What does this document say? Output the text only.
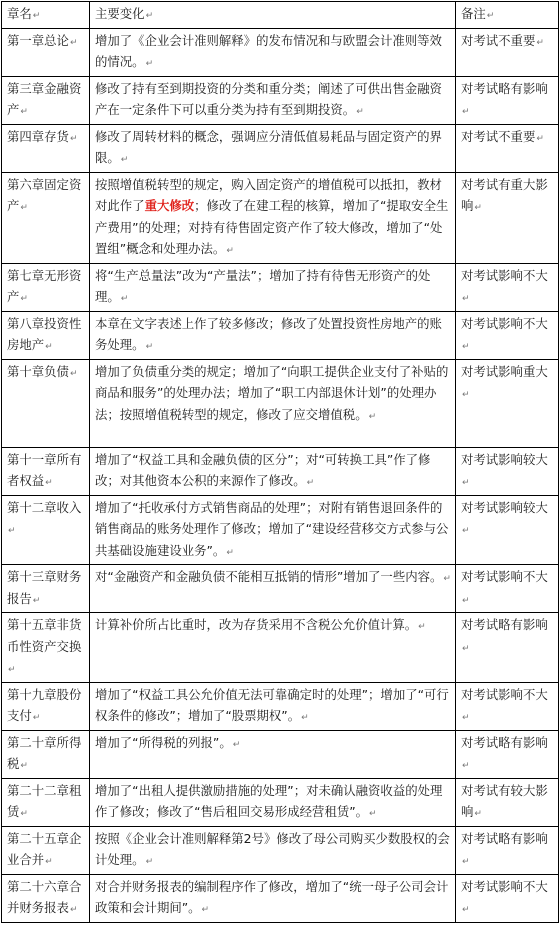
章名↵	主要变化↵	备注↵
第一章总论↵	增加了《企业会计准则解释》的发布情况和与欧盟会计准则等效的情况。↵	对考试不重要↵
第三章金融资产↵	修改了持有至到期投资的分类和重分类；阐述了可供出售金融资产在一定条件下可以重分类为持有至到期投资。↵	对考试略有影响↵
第四章存货↵	修改了周转材料的概念，强调应分清低值易耗品与固定资产的界限。↵	对考试不重要↵
第六章固定资产↵	按照增值税转型的规定，购入固定资产的增值税可以抵扣，教材对此作了重大修改；修改了在建工程的核算，增加了“提取安全生产费用”的处理；对持有待售固定资产作了较大修改，增加了“处置组”概念和处理办法。↵	对考试有重大影响↵
第七章无形资产↵	将“生产总量法”改为“产量法”；增加了持有待售无形资产的处理。↵	对考试影响不大↵
第八章投资性房地产↵	本章在文字表述上作了较多修改；修改了处置投资性房地产的账务处理。↵	对考试影响不大↵
第十章负债↵	增加了负债重分类的规定；增加了“向职工提供企业支付了补贴的商品和服务”的处理办法；增加了“职工内部退休计划”的处理办法；按照增值税转型的规定，修改了应交增值税。↵	对考试影响重大↵
第十一章所有者权益↵	增加了“权益工具和金融负债的区分”；对“可转换工具”作了修改；对其他资本公积的来源作了修改。↵	对考试影响较大↵
第十二章收入↵	增加了“托收承付方式销售商品的处理”；对附有销售退回条件的销售商品的账务处理作了修改；增加了“建设经营移交方式参与公共基础设施建设业务”。↵	对考试影响较大↵
第十三章财务报告↵	对“金融资产和金融负债不能相互抵销的情形”增加了一些内容。↵	对考试影响不大↵
第十五章非货币性资产交换↵	计算补价所占比重时，改为存货采用不含税公允价值计算。↵	对考试略有影响↵
第十九章股份支付↵	增加了“权益工具公允价值无法可靠确定时的处理”；增加了“可行权条件的修改”；增加了“股票期权”。↵	对考试影响不大↵
第二十章所得税↵	增加了“所得税的列报”。↵	对考试略有影响↵
第二十二章租赁↵	增加了“出租人提供激励措施的处理”；对未确认融资收益的处理作了修改；修改了“售后租回交易形成经营租赁”。↵	对考试有较大影响↵
第二十五章企业合并↵	按照《企业会计准则解释第2号》修改了母公司购买少数股权的会计处理。↵	对考试略有影响↵
第二十六章合并财务报表↵	对合并财务报表的编制程序作了修改，增加了“统一母子公司会计政策和会计期间”。↵	对考试影响不大↵
